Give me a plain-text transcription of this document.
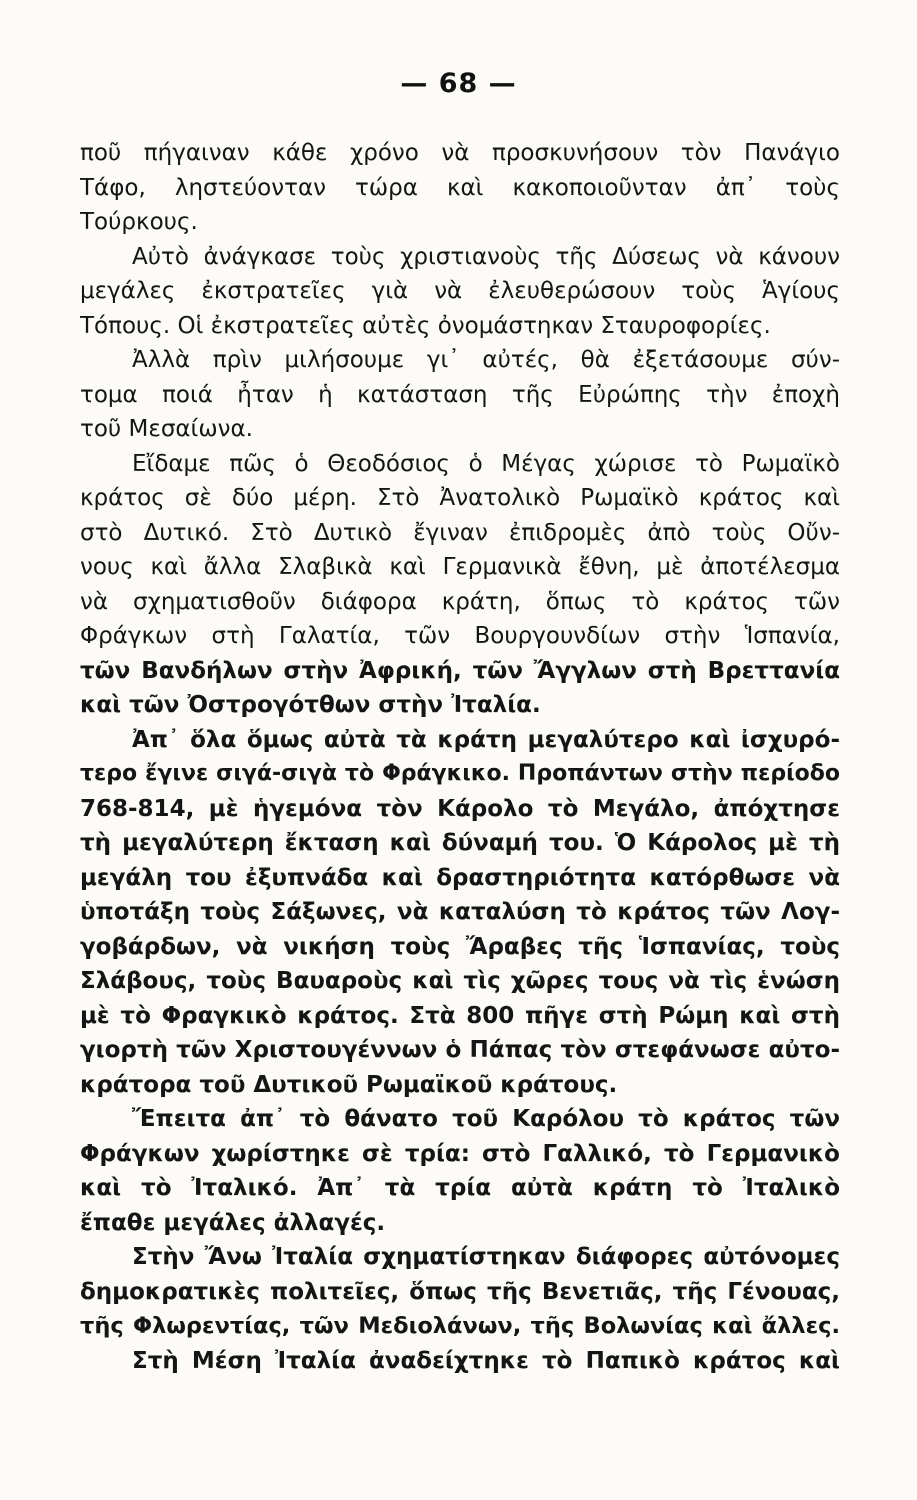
— 68 —
ποῦ πήγαιναν κάθε χρόνο νὰ προσκυνήσουν τὸν Πανάγιο
Τάφο, ληστεύονταν τώρα καὶ κακοποιοῦνταν ἀπ᾿ τοὺς
Τούρκους.
Αὐτὸ ἀνάγκασε τοὺς χριστιανοὺς τῆς Δύσεως νὰ κάνουν
μεγάλες ἐκστρατεῖες γιὰ νὰ ἐλευθερώσουν τοὺς Ἁγίους
Τόπους. Οἱ ἐκστρατεῖες αὐτὲς ὀνομάστηκαν Σταυροφορίες.
Ἀλλὰ πρὶν μιλήσουμε γι᾿ αὐτές, θὰ ἐξετάσουμε σύν-
τομα ποιά ἦταν ἡ κατάσταση τῆς Εὐρώπης τὴν ἐποχὴ
τοῦ Μεσαίωνα.
Εἴδαμε πῶς ὁ Θεοδόσιος ὁ Μέγας χώρισε τὸ Ρωμαϊκὸ
κράτος σὲ δύο μέρη. Στὸ Ἀνατολικὸ Ρωμαϊκὸ κράτος καὶ
στὸ Δυτικό. Στὸ Δυτικὸ ἔγιναν ἐπιδρομὲς ἀπὸ τοὺς Οὔν-
νους καὶ ἄλλα Σλαβικὰ καὶ Γερμανικὰ ἔθνη, μὲ ἀποτέλεσμα
νὰ σχηματισθοῦν διάφορα κράτη, ὅπως τὸ κράτος τῶν
Φράγκων στὴ Γαλατία, τῶν Βουργουνδίων στὴν Ἱσπανία,
τῶν Βανδήλων στὴν Ἀφρική, τῶν Ἄγγλων στὴ Βρεττανία
καὶ τῶν Ὀστρογότθων στὴν Ἰταλία.
Ἀπ᾿ ὅλα ὅμως αὐτὰ τὰ κράτη μεγαλύτερο καὶ ἰσχυρό-
τερο ἔγινε σιγά-σιγὰ τὸ Φράγκικο. Προπάντων στὴν περίοδο
768-814, μὲ ἡγεμόνα τὸν Κάρολο τὸ Μεγάλο, ἀπόχτησε
τὴ μεγαλύτερη ἔκταση καὶ δύναμή του. Ὁ Κάρολος μὲ τὴ
μεγάλη του ἐξυπνάδα καὶ δραστηριότητα κατόρθωσε νὰ
ὑποτάξη τοὺς Σάξωνες, νὰ καταλύση τὸ κράτος τῶν Λογ-
γοβάρδων, νὰ νικήση τοὺς Ἄραβες τῆς Ἱσπανίας, τοὺς
Σλάβους, τοὺς Βαυαροὺς καὶ τὶς χῶρες τους νὰ τὶς ἑνώση
μὲ τὸ Φραγκικὸ κράτος. Στὰ 800 πῆγε στὴ Ρώμη καὶ στὴ
γιορτὴ τῶν Χριστουγέννων ὁ Πάπας τὸν στεφάνωσε αὐτο-
κράτορα τοῦ Δυτικοῦ Ρωμαϊκοῦ κράτους.
Ἔπειτα ἀπ᾿ τὸ θάνατο τοῦ Καρόλου τὸ κράτος τῶν
Φράγκων χωρίστηκε σὲ τρία: στὸ Γαλλικό, τὸ Γερμανικὸ
καὶ τὸ Ἰταλικό. Ἀπ᾿ τὰ τρία αὐτὰ κράτη τὸ Ἰταλικὸ
ἔπαθε μεγάλες ἀλλαγές.
Στὴν Ἄνω Ἰταλία σχηματίστηκαν διάφορες αὐτόνομες
δημοκρατικὲς πολιτεῖες, ὅπως τῆς Βενετιᾶς, τῆς Γένουας,
τῆς Φλωρεντίας, τῶν Μεδιολάνων, τῆς Βολωνίας καὶ ἄλλες.
Στὴ Μέση Ἰταλία ἀναδείχτηκε τὸ Παπικὸ κράτος καὶ
